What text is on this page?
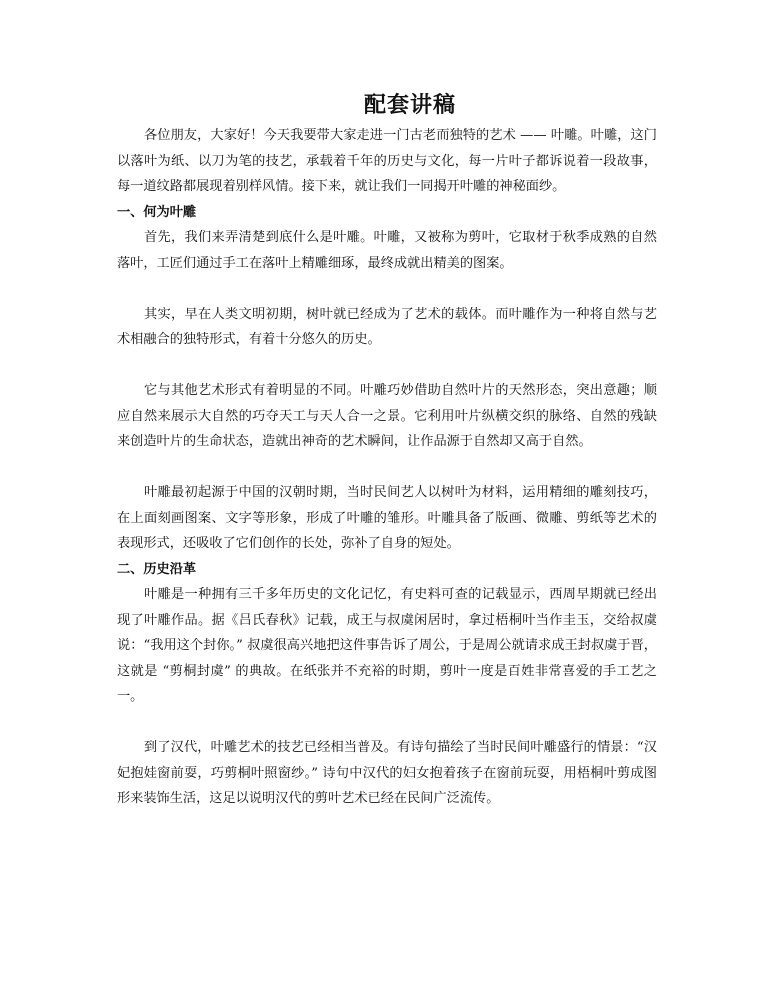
配套讲稿

各位朋友，大家好！今天我要带大家走进一门古老而独特的艺术 —— 叶雕。叶雕，这门以落叶为纸、以刀为笔的技艺，承载着千年的历史与文化，每一片叶子都诉说着一段故事，每一道纹路都展现着别样风情。接下来，就让我们一同揭开叶雕的神秘面纱。

一、何为叶雕

首先，我们来弄清楚到底什么是叶雕。叶雕，又被称为剪叶，它取材于秋季成熟的自然落叶，工匠们通过手工在落叶上精雕细琢，最终成就出精美的图案。

其实，早在人类文明初期，树叶就已经成为了艺术的载体。而叶雕作为一种将自然与艺术相融合的独特形式，有着十分悠久的历史。

它与其他艺术形式有着明显的不同。叶雕巧妙借助自然叶片的天然形态，突出意趣；顺应自然来展示大自然的巧夺天工与天人合一之景。它利用叶片纵横交织的脉络、自然的残缺来创造叶片的生命状态，造就出神奇的艺术瞬间，让作品源于自然却又高于自然。

叶雕最初起源于中国的汉朝时期，当时民间艺人以树叶为材料，运用精细的雕刻技巧，在上面刻画图案、文字等形象，形成了叶雕的雏形。叶雕具备了版画、微雕、剪纸等艺术的表现形式，还吸收了它们创作的长处，弥补了自身的短处。

二、历史沿革

叶雕是一种拥有三千多年历史的文化记忆，有史料可查的记载显示，西周早期就已经出现了叶雕作品。据《吕氏春秋》记载，成王与叔虞闲居时，拿过梧桐叶当作圭玉，交给叔虞说：“我用这个封你。” 叔虞很高兴地把这件事告诉了周公，于是周公就请求成王封叔虞于晋，这就是 “剪桐封虞” 的典故。在纸张并不充裕的时期，剪叶一度是百姓非常喜爱的手工艺之一。

到了汉代，叶雕艺术的技艺已经相当普及。有诗句描绘了当时民间叶雕盛行的情景：“汉妃抱娃窗前耍，巧剪桐叶照窗纱。” 诗句中汉代的妇女抱着孩子在窗前玩耍，用梧桐叶剪成图形来装饰生活，这足以说明汉代的剪叶艺术已经在民间广泛流传。
